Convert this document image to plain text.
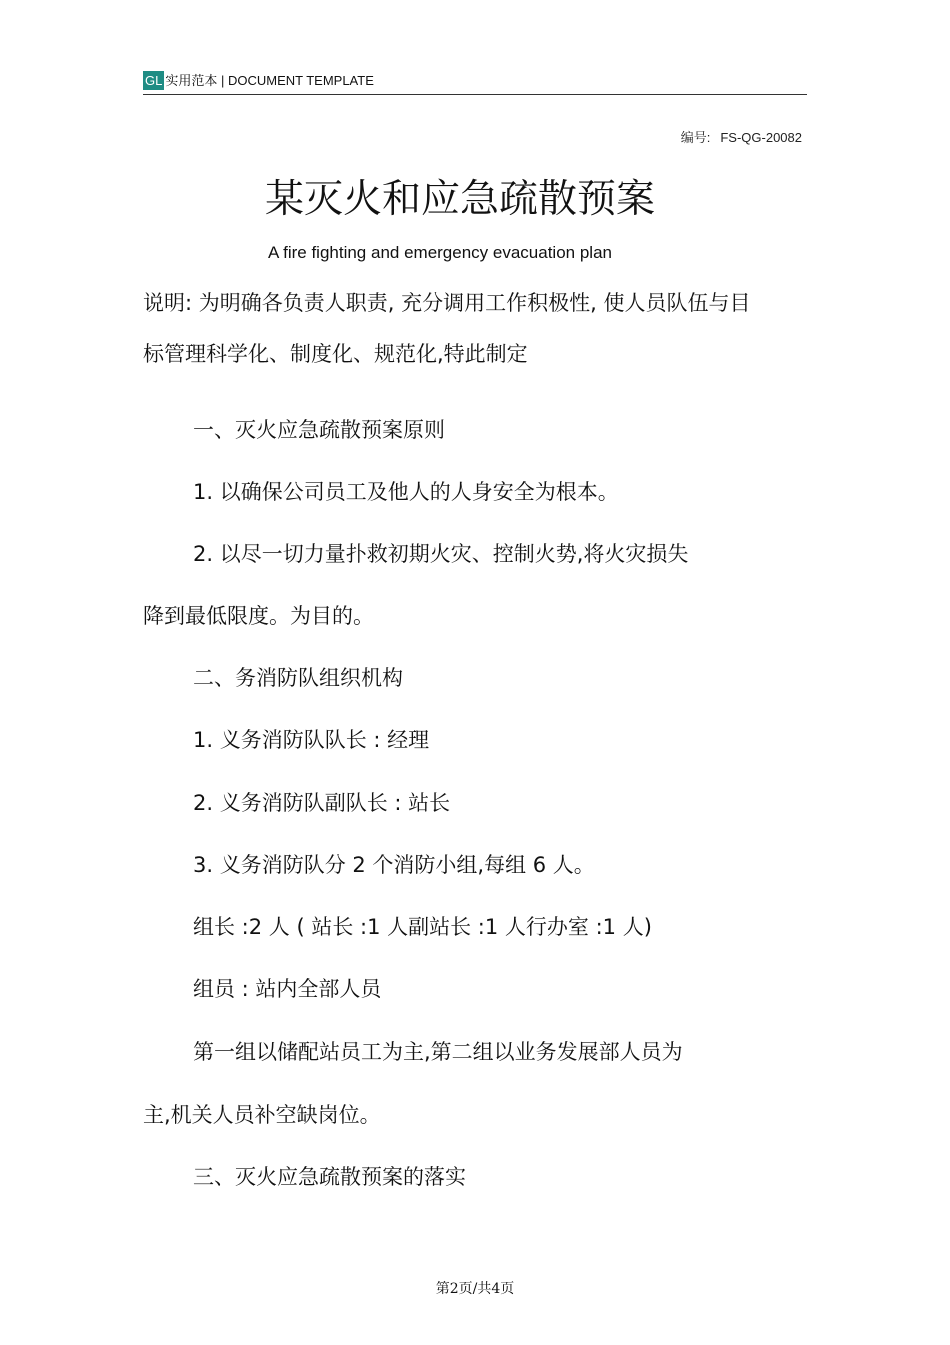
GL 实用范本 | DOCUMENT TEMPLATE
编号: FS-QG-20082
某灭火和应急疏散预案
A fire fighting and emergency evacuation plan
说明: 为明确各负责人职责, 充分调用工作积极性, 使人员队伍与目
标管理科学化、制度化、规范化,特此制定
一、灭火应急疏散预案原则
1. 以确保公司员工及他人的人身安全为根本。
2. 以尽一切力量扑救初期火灾、控制火势,将火灾损失
降到最低限度。为目的。
二、务消防队组织机构
1. 义务消防队队长 : 经理
2. 义务消防队副队长 : 站长
3. 义务消防队分 2 个消防小组,每组 6 人。
组长 :2 人 ( 站长 :1 人副站长 :1 人行办室 :1 人)
组员 : 站内全部人员
第一组以储配站员工为主,第二组以业务发展部人员为
主,机关人员补空缺岗位。
三、灭火应急疏散预案的落实
第2页/共4页
